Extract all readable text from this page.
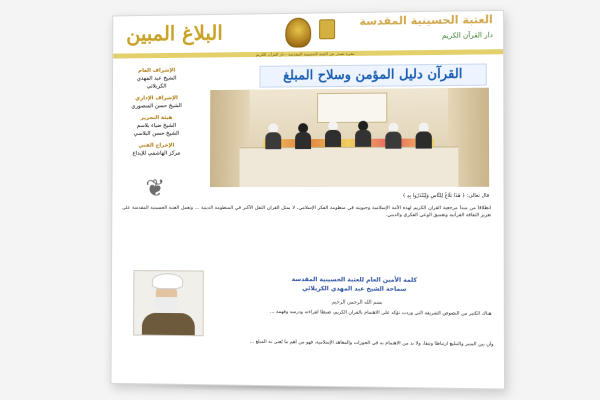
البلاغ المبين
العتبة الحسينية المقدسة
دار القرآن الكريم
نشرة تصدر عن العتبة الحسينية المقدسة - دار القرآن الكريم
الإشراف العام
الشيخ عبد المهدي الكربلائي
الإشراف الإداري
الشيخ حسن المنصوري
هيئة التحرير
الشيخ ضياء بلاسم
الشيخ حسن البلاسي
الإخراج الفني
مركز الهاشمي للإبداع
❦
القرآن دليل المؤمن وسلاح المبلغ
قال تعالى: ﴿ هَذَا بَلَاغٌ لِلنَّاسِ وَلِيُنْذَرُوا بِهِ ﴾
انطلاقاً من مبدأ مرجعية القرآن الكريم لهذه الأمة الإسلامية وحيويته في منظومة الفكر الإسلامي، لا يمثل القرآن الثقل الأكبر في المنظومة الدينية ... وتعمل العتبة الحسينية المقدسة على تعزيز الثقافة القرآنية وتعميق الوعي الفكري والديني.
كلمة الأمين العام للعتبة الحسينية المقدسة
سماحة الشيخ عبد المهدي الكربلائي
بسم الله الرحمن الرحيم
هناك الكثير من النصوص الشريفة التي وردت تؤكد على الاهتمام بالقرآن الكريم، ضبطاً لقراءته ودرسه وفهمه ...
وأن بين المنبر والتبليغ ارتباطاً وثيقاً، ولا بد من الاهتمام به في الحوزات والمعاهد الإسلامية، فهو من أهم ما يُعنى به المبلّغ ...
